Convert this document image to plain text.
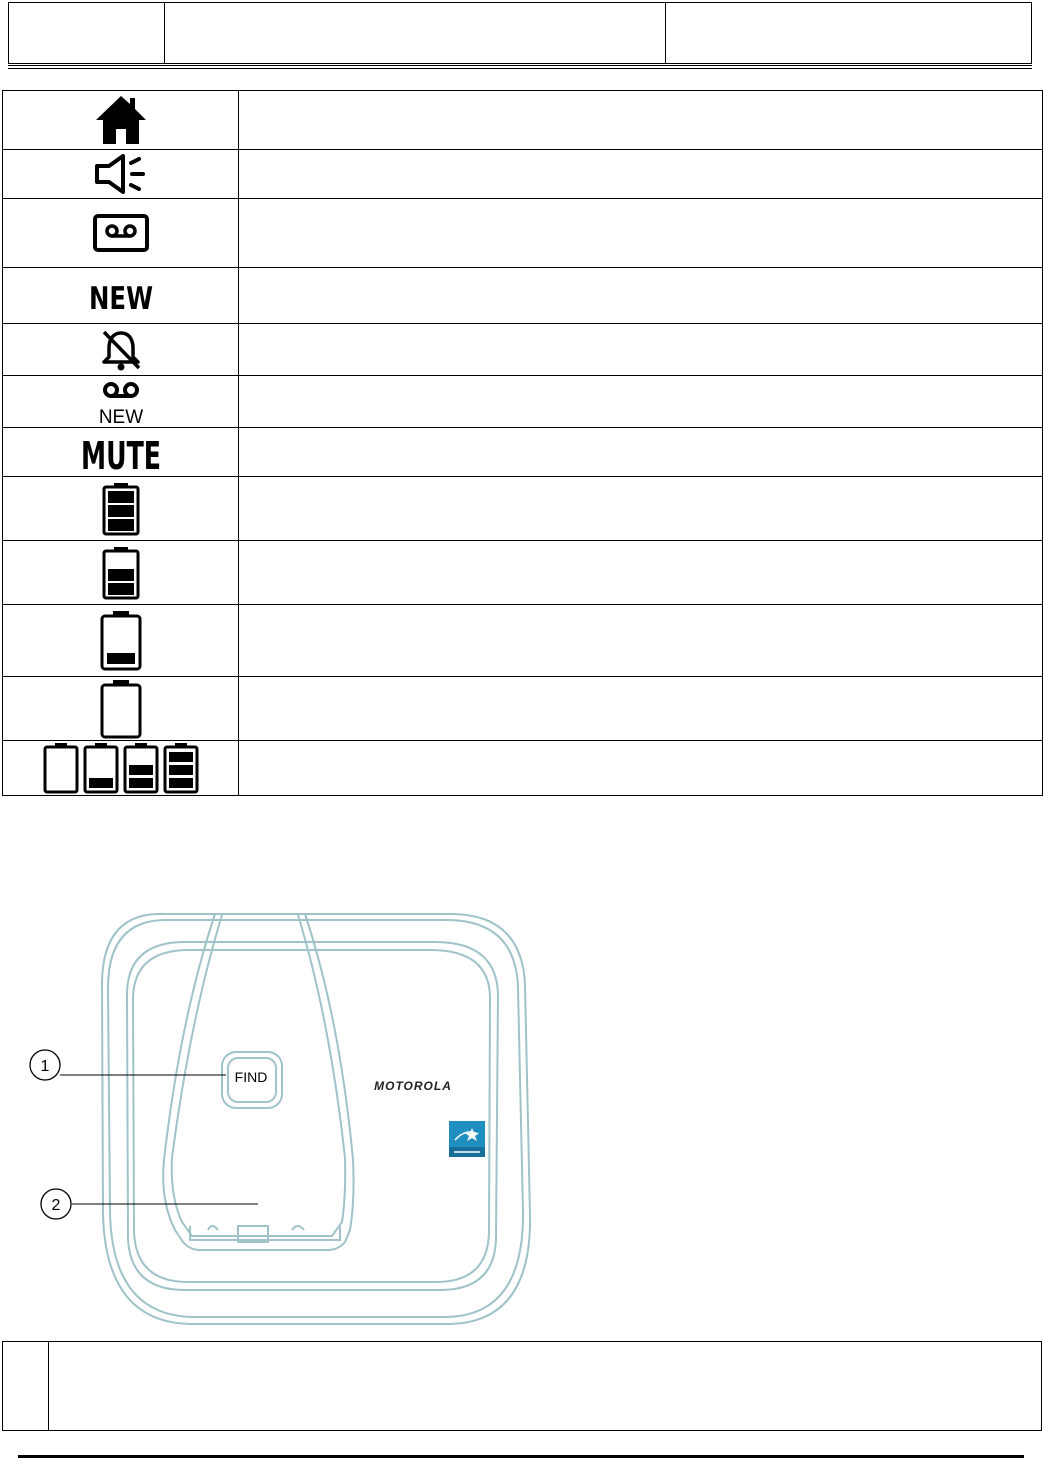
NEW	

NEW	

MUTE	

1
2
FIND
MOTOROLA
